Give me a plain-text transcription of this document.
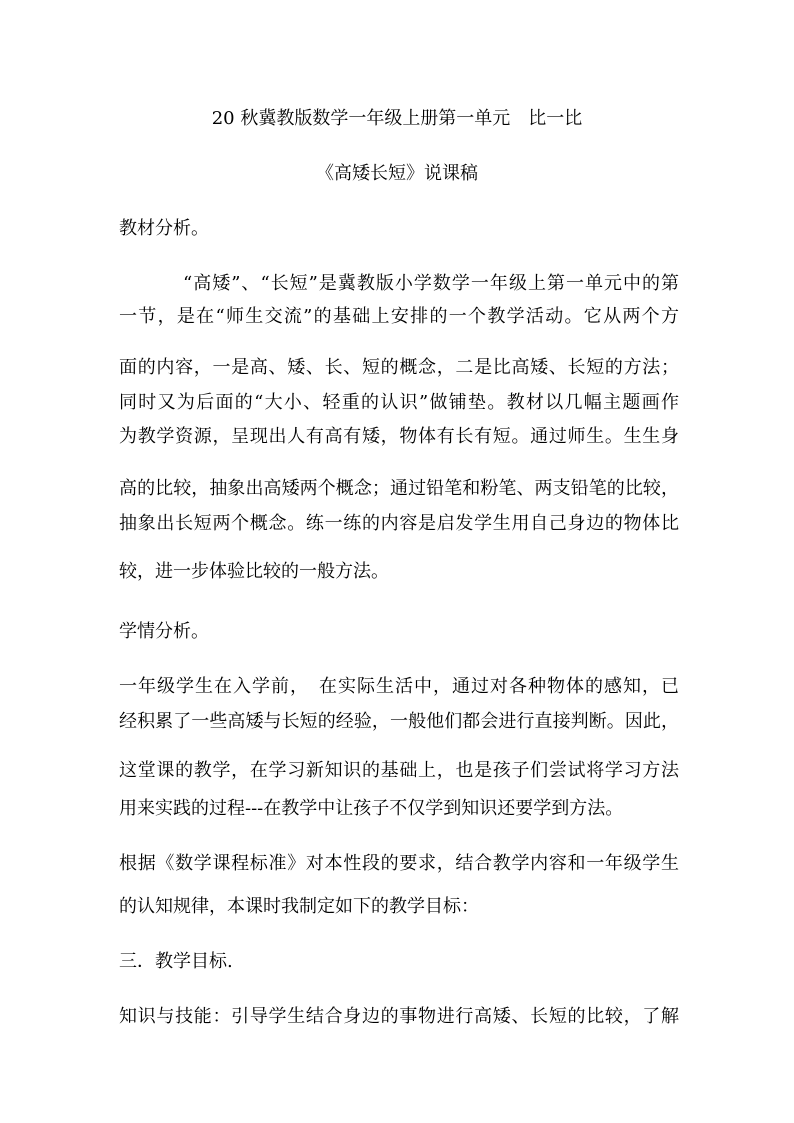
20 秋冀教版数学一年级上册第一单元　比一比
《高矮长短》说课稿
教材分析。
“高矮”、“长短”是冀教版小学数学一年级上第一单元中的第
一节，是在“师生交流”的基础上安排的一个教学活动。它从两个方
面的内容，一是高、矮、长、短的概念，二是比高矮、长短的方法；
同时又为后面的“大小、轻重的认识”做铺垫。教材以几幅主题画作
为教学资源，呈现出人有高有矮，物体有长有短。通过师生。生生身
高的比较，抽象出高矮两个概念；通过铅笔和粉笔、两支铅笔的比较，
抽象出长短两个概念。练一练的内容是启发学生用自己身边的物体比
较，进一步体验比较的一般方法。
学情分析。
一年级学生在入学前，　在实际生活中，通过对各种物体的感知，已
经积累了一些高矮与长短的经验，一般他们都会进行直接判断。因此，
这堂课的教学，在学习新知识的基础上，也是孩子们尝试将学习方法
用来实践的过程---在教学中让孩子不仅学到知识还要学到方法。
根据《数学课程标准》对本性段的要求，结合教学内容和一年级学生
的认知规律，本课时我制定如下的教学目标：
三．教学目标.
知识与技能：引导学生结合身边的事物进行高矮、长短的比较，了解
